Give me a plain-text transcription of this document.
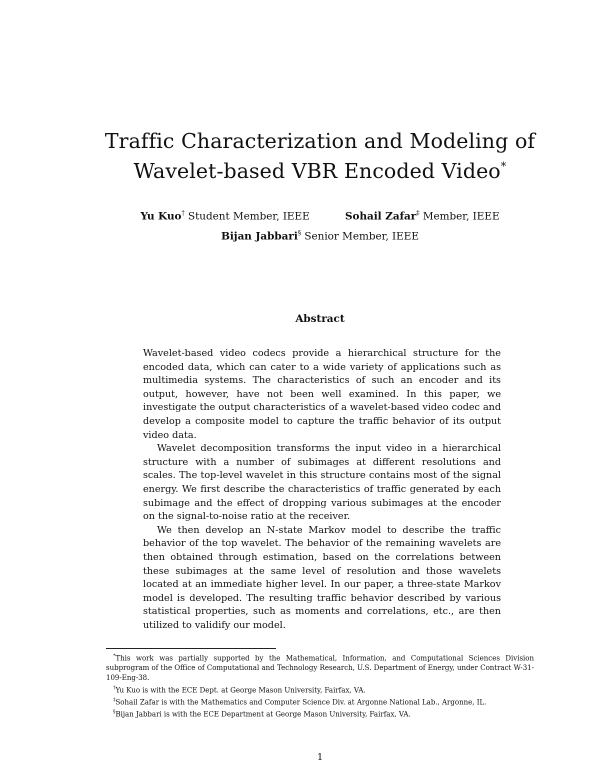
Traffic Characterization and Modeling of
Wavelet-based VBR Encoded Video*
Yu Kuo† Student Member, IEEE	Sohail Zafar‡ Member, IEEE
Bijan Jabbari§ Senior Member, IEEE
Abstract

Wavelet-based video codecs provide a hierarchical structure for the encoded data, which can cater to a wide variety of applications such as multimedia systems. The characteristics of such an encoder and its output, however, have not been well examined. In this paper, we investigate the output characteristics of a wavelet-based video codec and develop a composite model to capture the traffic behavior of its output video data.

Wavelet decomposition transforms the input video in a hierarchical structure with a number of subimages at different resolutions and scales. The top-level wavelet in this structure contains most of the signal energy. We first describe the characteristics of traffic generated by each subimage and the effect of dropping various subimages at the encoder on the signal-to-noise ratio at the receiver.

We then develop an N-state Markov model to describe the traffic behavior of the top wavelet. The behavior of the remaining wavelets are then obtained through estimation, based on the correlations between these subimages at the same level of resolution and those wavelets located at an immediate higher level. In our paper, a three-state Markov model is developed. The resulting traffic behavior described by various statistical properties, such as moments and correlations, etc., are then utilized to validify our model.

*This work was partially supported by the Mathematical, Information, and Computational Sciences Division subprogram of the Office of Computational and Technology Research, U.S. Department of Energy, under Contract W-31-109-Eng-38.

†Yu Kuo is with the ECE Dept. at George Mason University, Fairfax, VA.

‡Sohail Zafar is with the Mathematics and Computer Science Div. at Argonne National Lab., Argonne, IL.

§Bijan Jabbari is with the ECE Department at George Mason University, Fairfax, VA.

1
